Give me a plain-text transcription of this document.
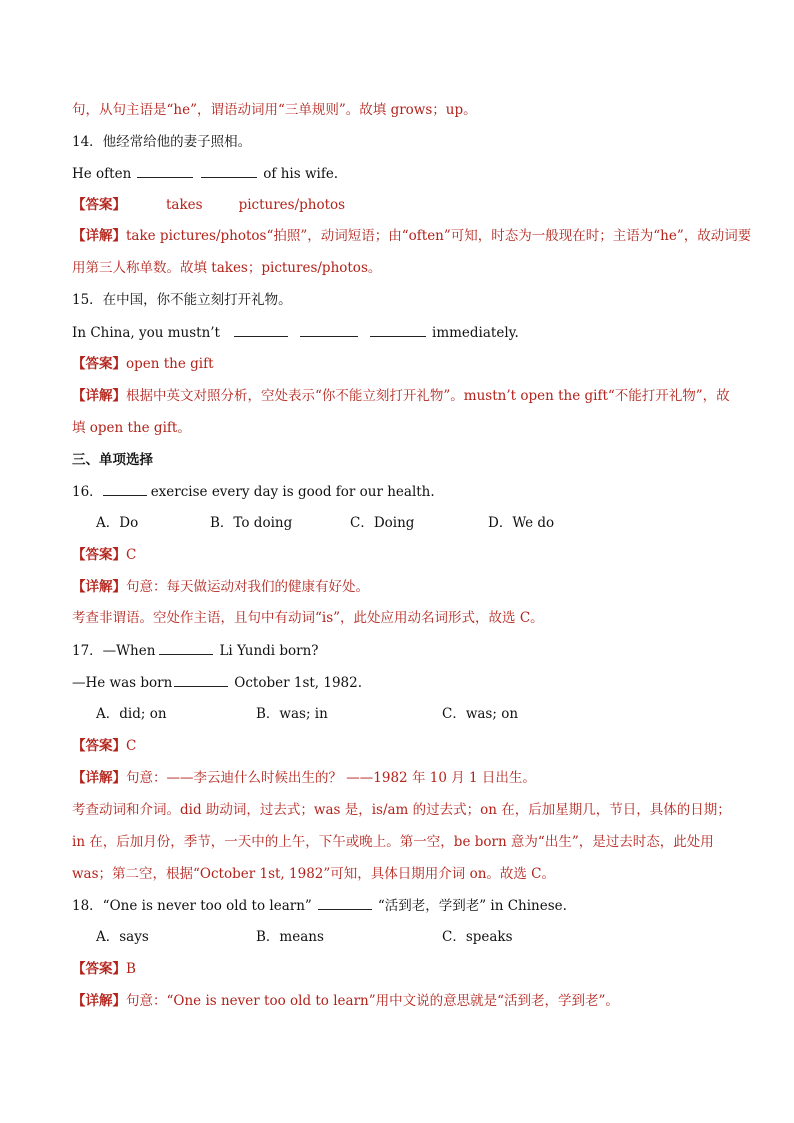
句，从句主语是“he”，谓语动词用“三单规则”。故填 grows；up。
14．他经常给他的妻子照相。
He often	of his wife.
【答案】	takes	pictures/photos
【详解】take pictures/photos“拍照”，动词短语；由“often”可知，时态为一般现在时；主语为“he”，故动词要
用第三人称单数。故填 takes；pictures/photos。
15．在中国，你不能立刻打开礼物。
In China, you mustn’t	immediately.
【答案】open the gift
【详解】根据中英文对照分析，空处表示“你不能立刻打开礼物”。mustn’t open the gift“不能打开礼物”，故
填 open the gift。
三、单项选择
16．	exercise every day is good for our health.
A．Do	B．To doing	C．Doing	D．We do
【答案】C
【详解】句意：每天做运动对我们的健康有好处。
考查非谓语。空处作主语，且句中有动词“is”，此处应用动名词形式，故选 C。
17．—When	Li Yundi born?
—He was born	October 1st, 1982.
A．did; on	B．was; in	C．was; on
【答案】C
【详解】句意：——李云迪什么时候出生的？ ——1982 年 10 月 1 日出生。
考查动词和介词。did 助动词，过去式；was 是，is/am 的过去式；on 在，后加星期几，节日，具体的日期；
in 在，后加月份，季节，一天中的上午，下午或晚上。第一空，be born 意为“出生”，是过去时态，此处用
was；第二空，根据“October 1st, 1982”可知，具体日期用介词 on。故选 C。
18．“One is never too old to learn”	“活到老，学到老” in Chinese.
A．says	B．means	C．speaks
【答案】B
【详解】句意：“One is never too old to learn”用中文说的意思就是“活到老，学到老”。
